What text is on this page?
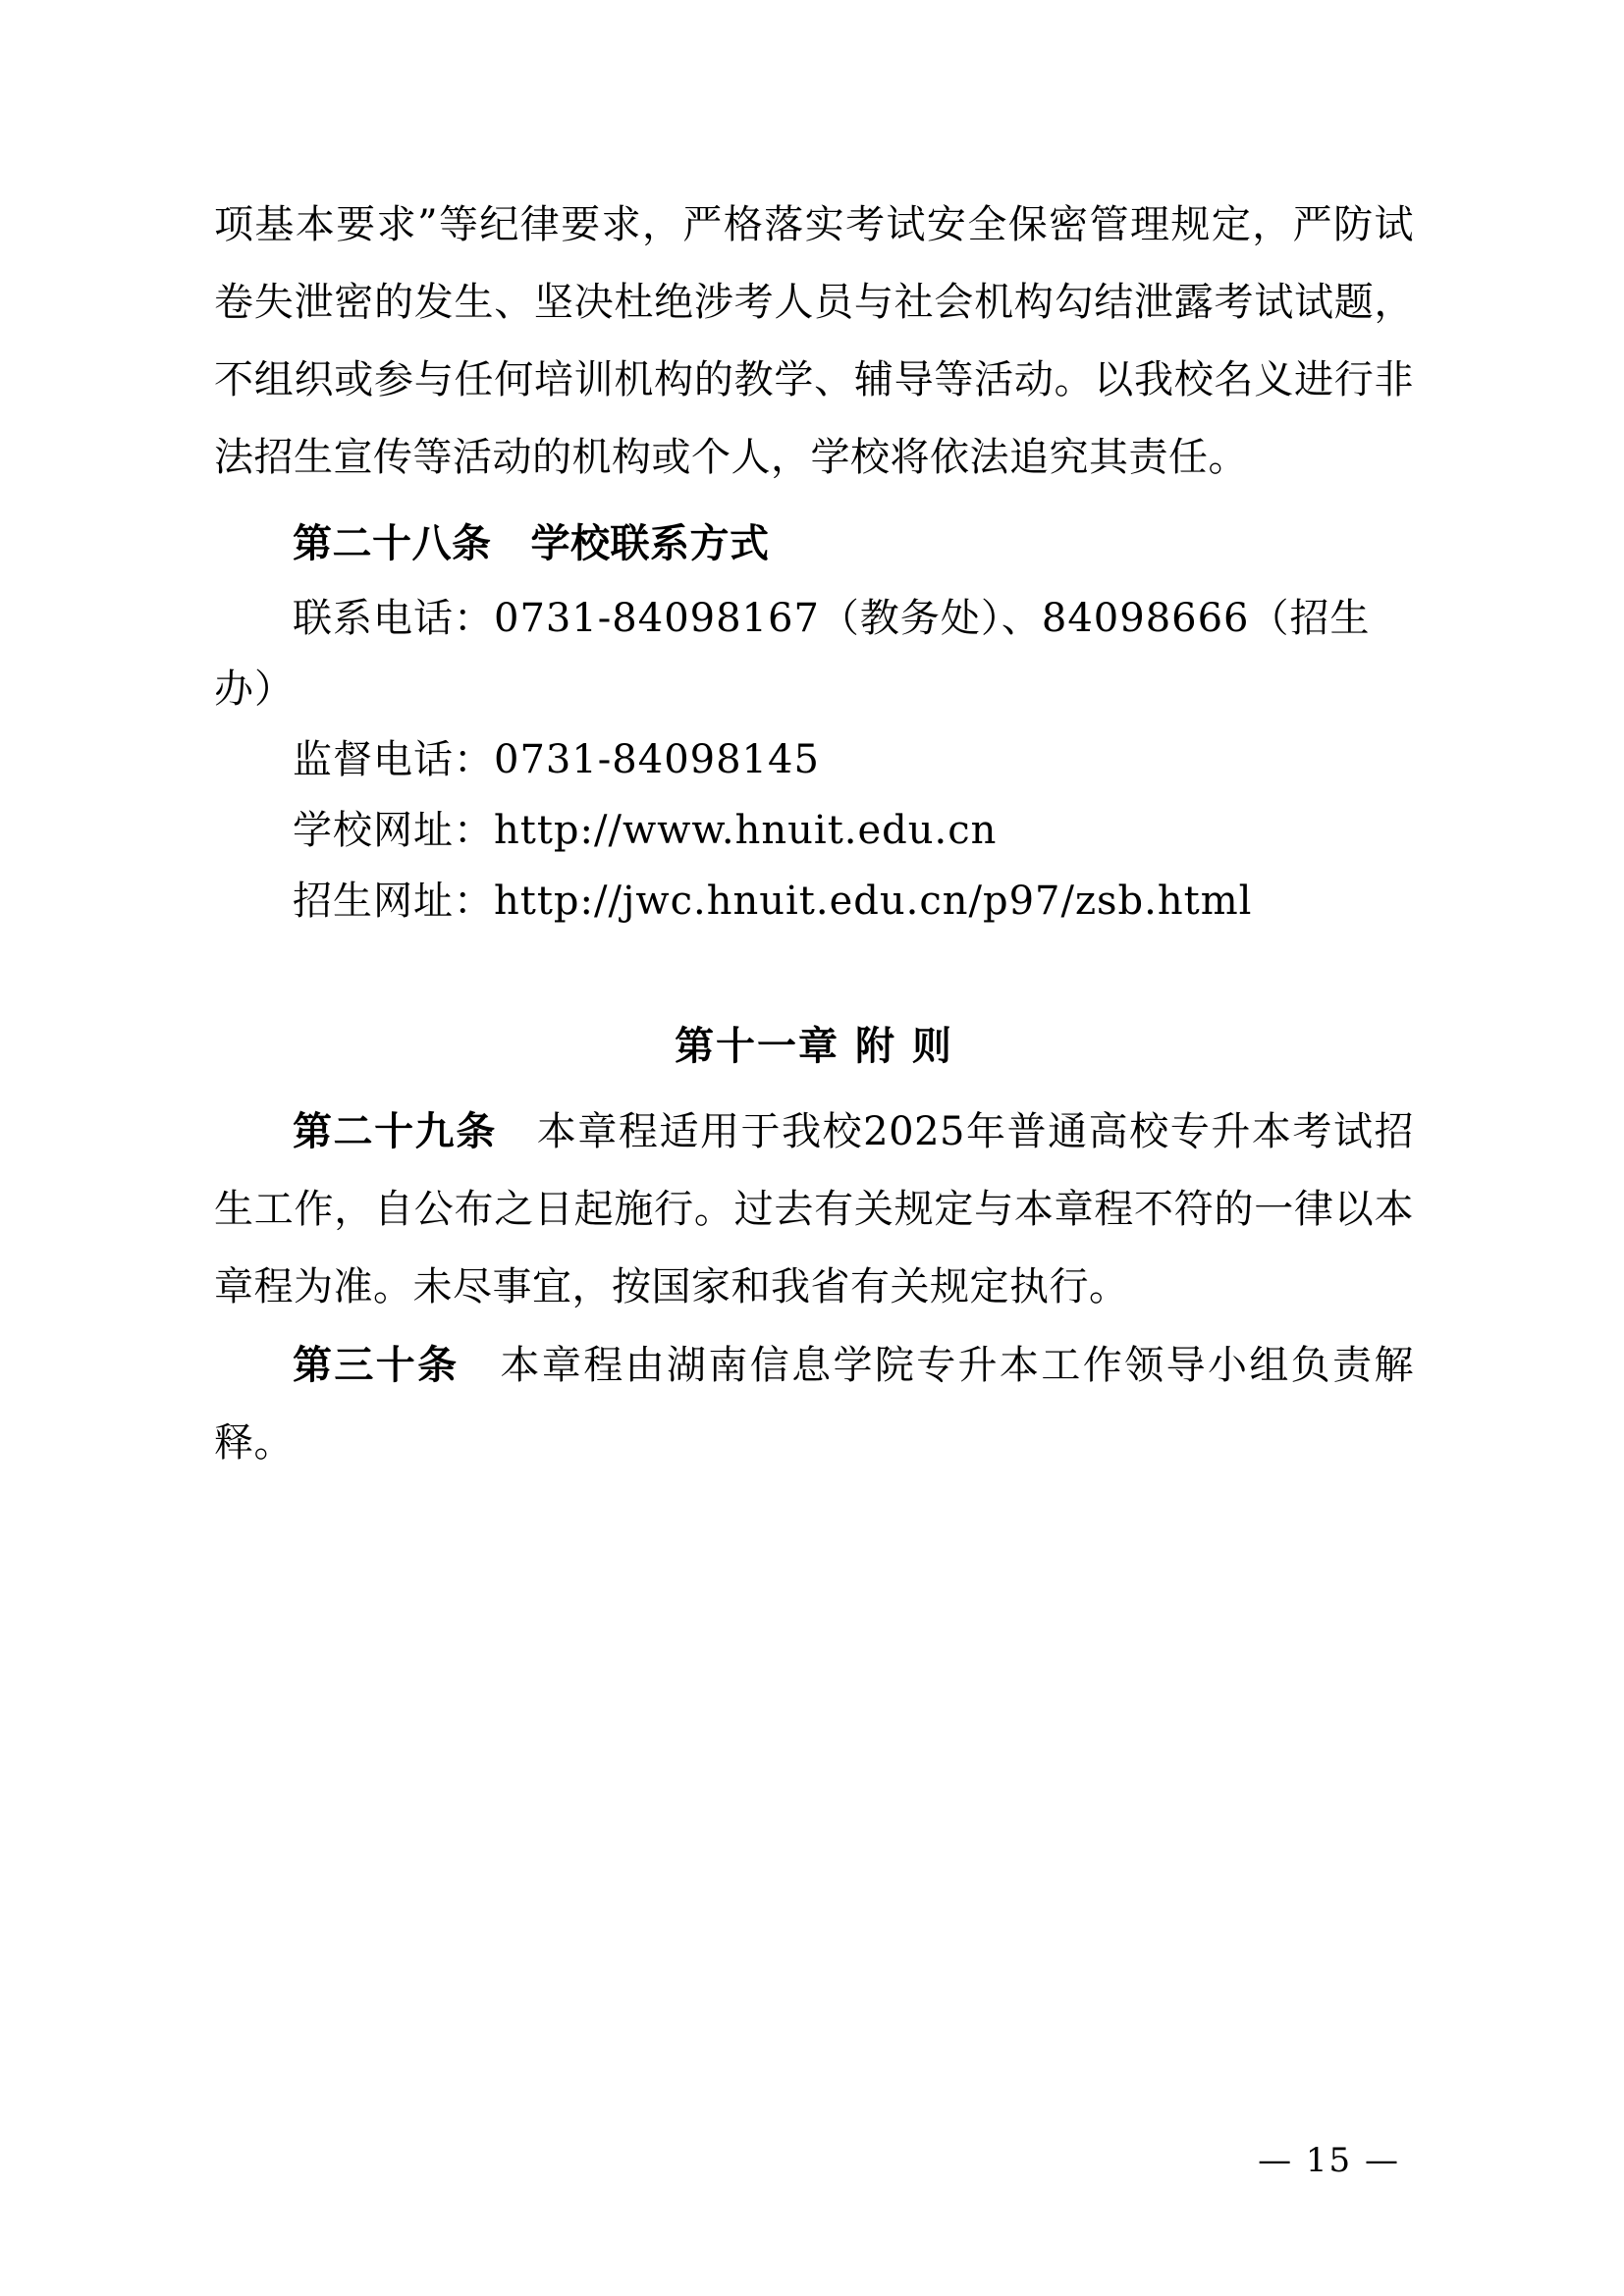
项基本要求”等纪律要求，严格落实考试安全保密管理规定，严防试卷失泄密的发生、坚决杜绝涉考人员与社会机构勾结泄露考试试题，不组织或参与任何培训机构的教学、辅导等活动。以我校名义进行非法招生宣传等活动的机构或个人，学校将依法追究其责任。

第二十八条 学校联系方式

联系电话：0731-84098167（教务处）、84098666（招生办）

监督电话：0731-84098145

学校网址：http://www.hnuit.edu.cn

招生网址：http://jwc.hnuit.edu.cn/p97/zsb.html

第十一章 附 则

第二十九条 本章程适用于我校2025年普通高校专升本考试招生工作，自公布之日起施行。过去有关规定与本章程不符的一律以本章程为准。未尽事宜，按国家和我省有关规定执行。

第三十条 本章程由湖南信息学院专升本工作领导小组负责解释。

— 15 —
